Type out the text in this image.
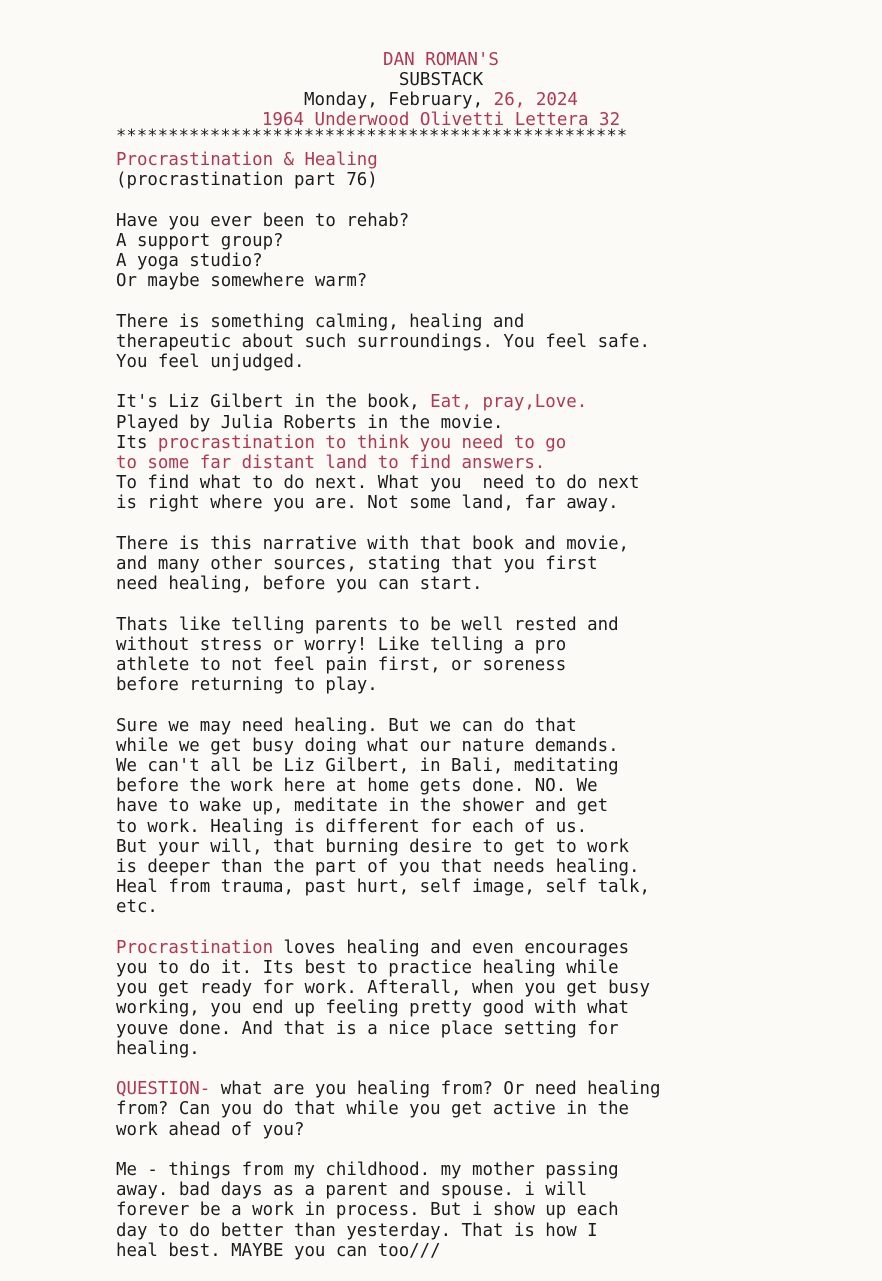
DAN ROMAN'S
SUBSTACK
Monday, February, 26, 2024
1964 Underwood Olivetti Lettera 32
*************************************************
Procrastination & Healing
(procrastination part 76)
Have you ever been to rehab?
A support group?
A yoga studio?
Or maybe somewhere warm?
There is something calming, healing and
therapeutic about such surroundings. You feel safe.
You feel unjudged.
It's Liz Gilbert in the book, Eat, pray,Love.
Played by Julia Roberts in the movie.
Its procrastination to think you need to go
to some far distant land to find answers.
To find what to do next. What you  need to do next
is right where you are. Not some land, far away.
There is this narrative with that book and movie,
and many other sources, stating that you first
need healing, before you can start.
Thats like telling parents to be well rested and
without stress or worry! Like telling a pro
athlete to not feel pain first, or soreness
before returning to play.
Sure we may need healing. But we can do that
while we get busy doing what our nature demands.
We can't all be Liz Gilbert, in Bali, meditating
before the work here at home gets done. NO. We
have to wake up, meditate in the shower and get
to work. Healing is different for each of us.
But your will, that burning desire to get to work
is deeper than the part of you that needs healing.
Heal from trauma, past hurt, self image, self talk,
etc.
Procrastination loves healing and even encourages
you to do it. Its best to practice healing while
you get ready for work. Afterall, when you get busy
working, you end up feeling pretty good with what
youve done. And that is a nice place setting for
healing.
QUESTION- what are you healing from? Or need healing
from? Can you do that while you get active in the
work ahead of you?
Me - things from my childhood. my mother passing
away. bad days as a parent and spouse. i will
forever be a work in process. But i show up each
day to do better than yesterday. That is how I
heal best. MAYBE you can too///
